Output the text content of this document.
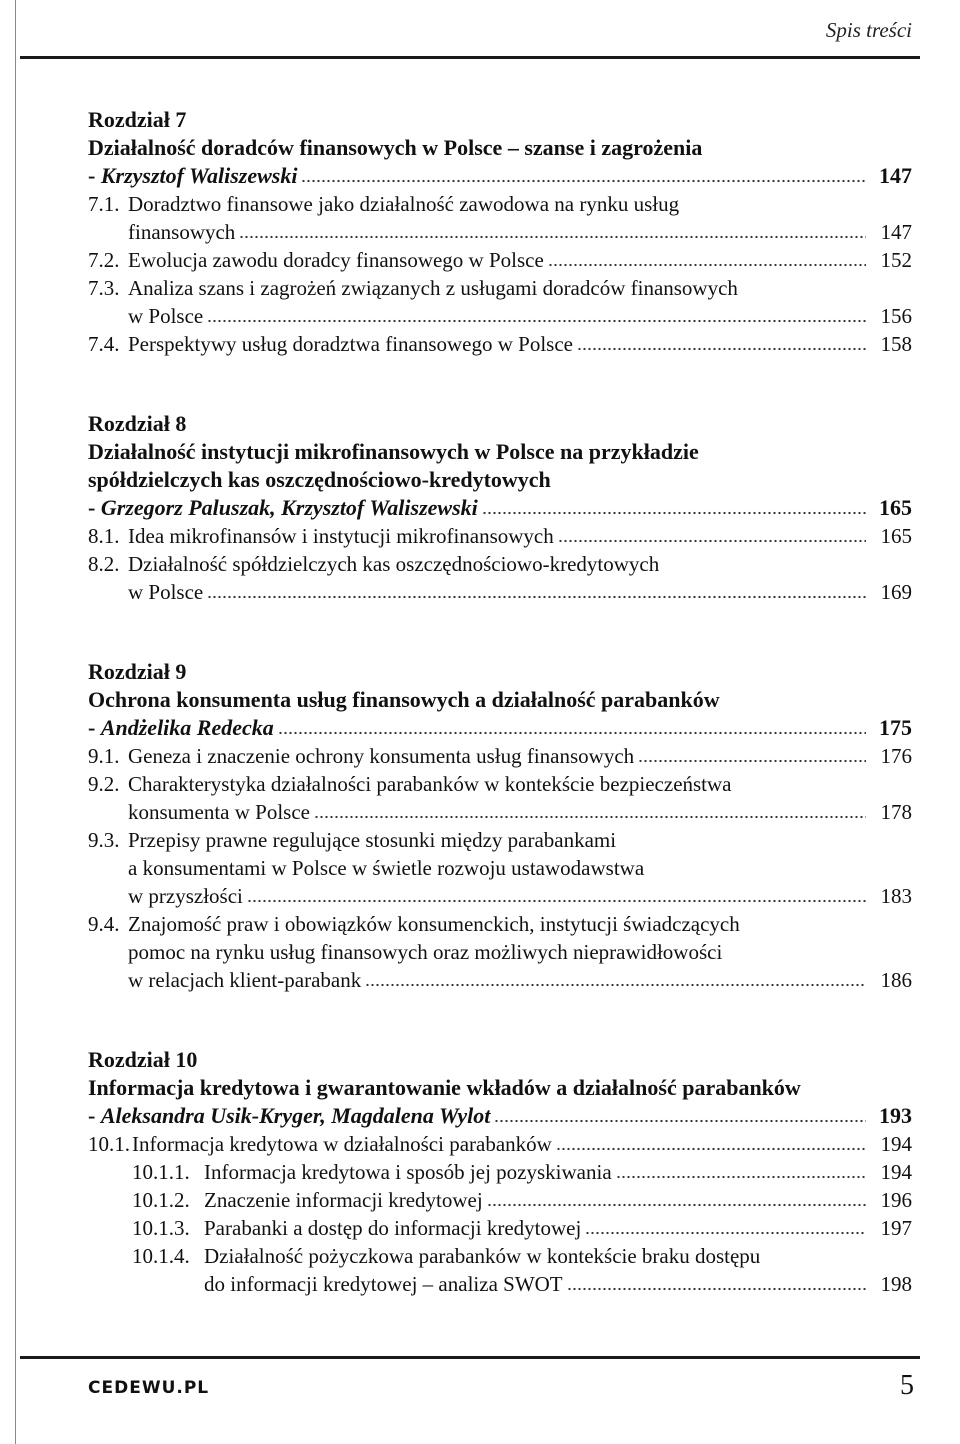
Spis treści
Rozdział 7
Działalność doradców finansowych w Polsce – szanse i zagrożenia
- Krzysztof Waliszewski	147
7.1. Doradztwo finansowe jako działalność zawodowa na rynku usług
finansowych	147
7.2. Ewolucja zawodu doradcy finansowego w Polsce	152
7.3. Analiza szans i zagrożeń związanych z usługami doradców finansowych
w Polsce	156
7.4. Perspektywy usług doradztwa finansowego w Polsce	158
Rozdział 8
Działalność instytucji mikrofinansowych w Polsce na przykładzie
spółdzielczych kas oszczędnościowo-kredytowych
- Grzegorz Paluszak, Krzysztof Waliszewski	165
8.1. Idea mikrofinansów i instytucji mikrofinansowych	165
8.2. Działalność spółdzielczych kas oszczędnościowo-kredytowych
w Polsce	169
Rozdział 9
Ochrona konsumenta usług finansowych a działalność parabanków
- Andżelika Redecka	175
9.1. Geneza i znaczenie ochrony konsumenta usług finansowych	176
9.2. Charakterystyka działalności parabanków w kontekście bezpieczeństwa
konsumenta w Polsce	178
9.3. Przepisy prawne regulujące stosunki między parabankami
a konsumentami w Polsce w świetle rozwoju ustawodawstwa
w przyszłości	183
9.4. Znajomość praw i obowiązków konsumenckich, instytucji świadczących
pomoc na rynku usług finansowych oraz możliwych nieprawidłowości
w relacjach klient-parabank	186
Rozdział 10
Informacja kredytowa i gwarantowanie wkładów a działalność parabanków
- Aleksandra Usik-Kryger, Magdalena Wylot	193
10.1.Informacja kredytowa w działalności parabanków	194
10.1.1. Informacja kredytowa i sposób jej pozyskiwania	194
10.1.2. Znaczenie informacji kredytowej	196
10.1.3. Parabanki a dostęp do informacji kredytowej	197
10.1.4. Działalność pożyczkowa parabanków w kontekście braku dostępu
do informacji kredytowej – analiza SWOT	198
CEDEWU.PL	5
